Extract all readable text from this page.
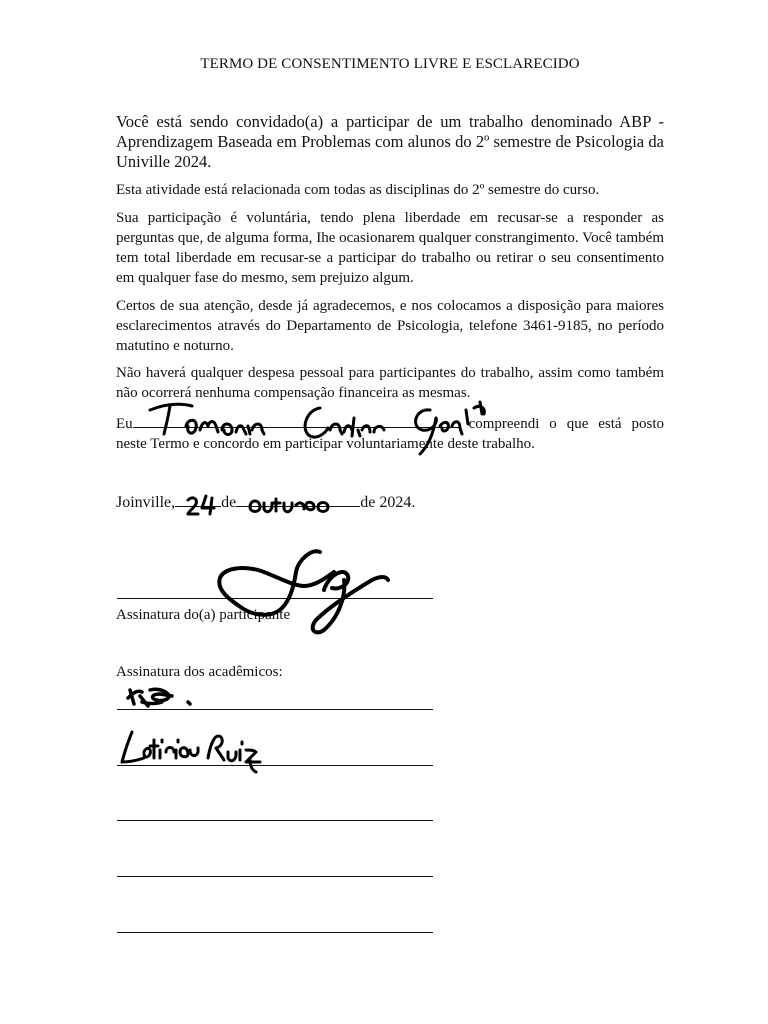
TERMO DE CONSENTIMENTO LIVRE E ESCLARECIDO
Você está sendo convidado(a) a participar de um trabalho denominado ABP - Aprendizagem Baseada em Problemas com alunos do 2º semestre de Psicologia da Univille 2024.
Esta atividade está relacionada com todas as disciplinas do 2º semestre do curso.
Sua participação é voluntária, tendo plena liberdade em recusar-se a responder as perguntas que, de alguma forma, Ihe ocasionarem qualquer constrangimento. Você também tem total liberdade em recusar-se a participar do trabalho ou retirar o seu consentimento em qualquer fase do mesmo, sem prejuizo algum.
Certos de sua atenção, desde já agradecemos, e nos colocamos a disposição para maiores esclarecimentos através do Departamento de Psicologia, telefone 3461-9185, no período matutino e noturno.
Não haverá qualquer despesa pessoal para participantes do trabalho, assim como também não ocorrerá nenhuma compensação financeira as mesmas.
Eu	compreendi o que está posto neste Termo e concordo em participar voluntariamente deste trabalho.
Joinville,	de	de 2024.
Assinatura do(a) participante
Assinatura dos acadêmicos:
